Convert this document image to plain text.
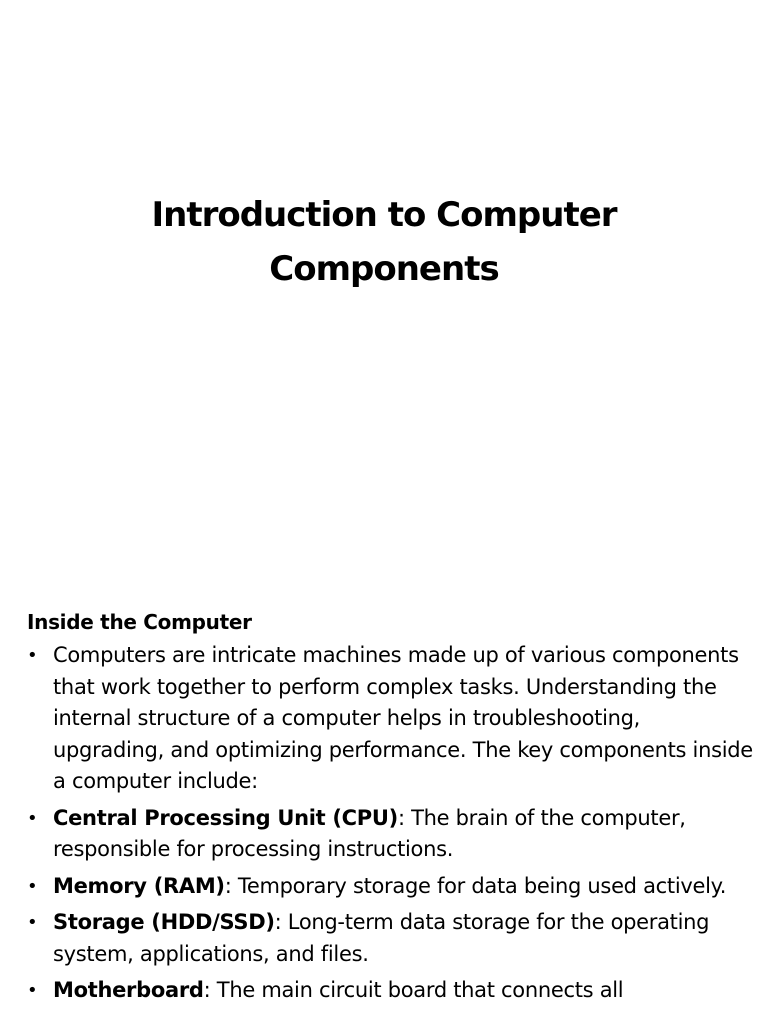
Introduction to Computer
Components
Inside the Computer
• Computers are intricate machines made up of various components that work together to perform complex tasks. Understanding the internal structure of a computer helps in troubleshooting, upgrading, and optimizing performance. The key components inside a computer include:
• Central Processing Unit (CPU): The brain of the computer, responsible for processing instructions.
• Memory (RAM): Temporary storage for data being used actively.
• Storage (HDD/SSD): Long-term data storage for the operating system, applications, and files.
• Motherboard: The main circuit board that connects all
